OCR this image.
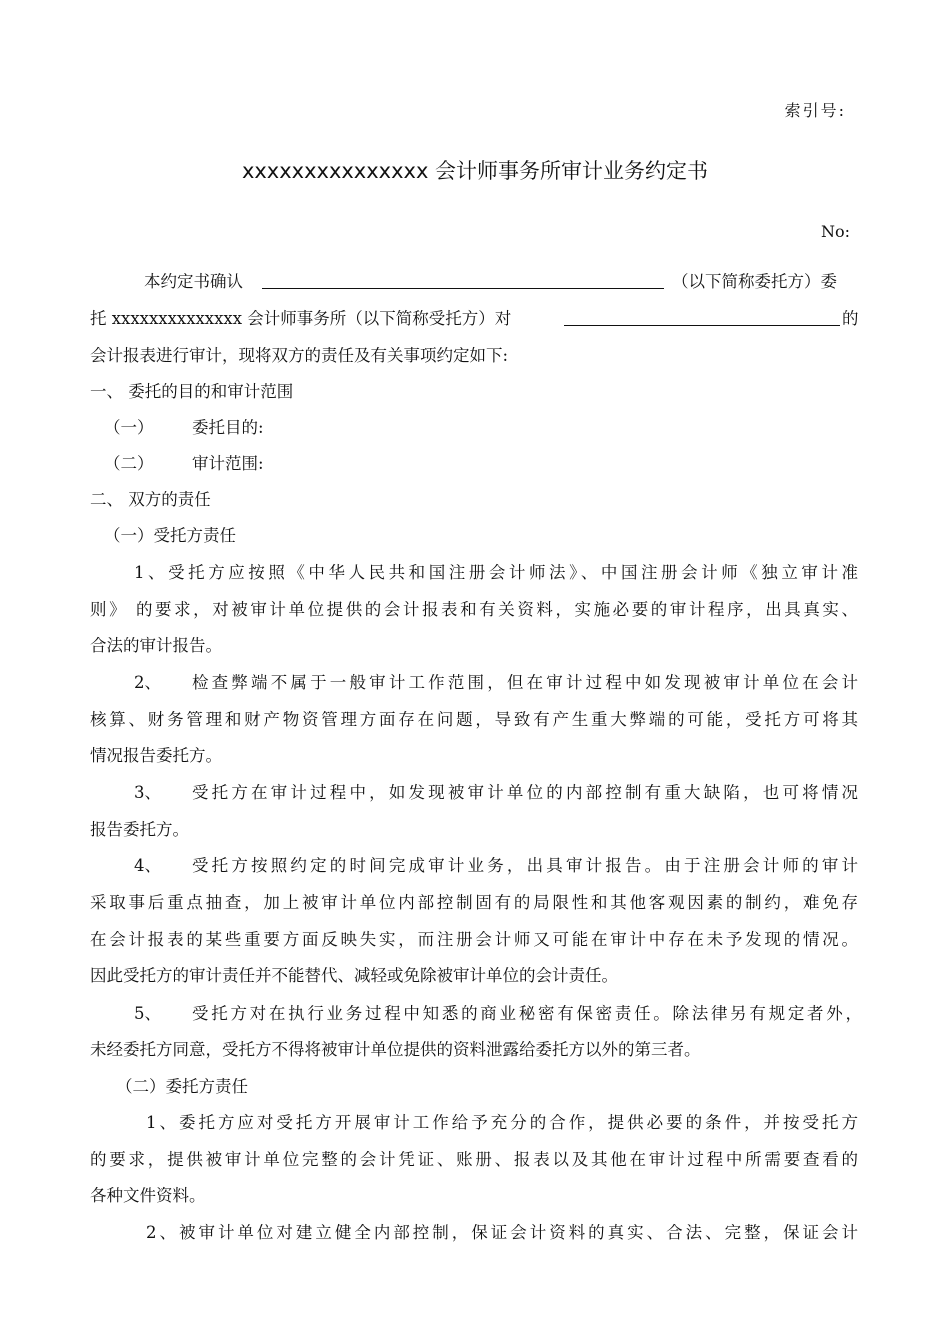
索引号:
xxxxxxxxxxxxxxx 会计师事务所审计业务约定书
No:
本约定书确认	（以下简称委托方）委
托 xxxxxxxxxxxxxx 会计师事务所（以下简称受托方）对	的
会计报表进行审计，现将双方的责任及有关事项约定如下:
一、 委托的目的和审计范围
（一） 委托目的:
（二） 审计范围:
二、 双方的责任
（一）受托方责任
1、受托方应按照《中华人民共和国注册会计师法》、中国注册会计师《独立审计准
则》 的要求，对被审计单位提供的会计报表和有关资料，实施必要的审计程序，出具真实、
合法的审计报告。
2、 检查弊端不属于一般审计工作范围，但在审计过程中如发现被审计单位在会计
核算、财务管理和财产物资管理方面存在问题，导致有产生重大弊端的可能，受托方可将其
情况报告委托方。
3、 受托方在审计过程中，如发现被审计单位的内部控制有重大缺陷，也可将情况
报告委托方。
4、 受托方按照约定的时间完成审计业务，出具审计报告。由于注册会计师的审计
采取事后重点抽查，加上被审计单位内部控制固有的局限性和其他客观因素的制约，难免存
在会计报表的某些重要方面反映失实，而注册会计师又可能在审计中存在未予发现的情况。
因此受托方的审计责任并不能替代、减轻或免除被审计单位的会计责任。
5、 受托方对在执行业务过程中知悉的商业秘密有保密责任。除法律另有规定者外，
未经委托方同意，受托方不得将被审计单位提供的资料泄露给委托方以外的第三者。
（二）委托方责任
1、委托方应对受托方开展审计工作给予充分的合作，提供必要的条件，并按受托方
的要求，提供被审计单位完整的会计凭证、账册、报表以及其他在审计过程中所需要查看的
各种文件资料。
2、被审计单位对建立健全内部控制，保证会计资料的真实、合法、完整，保证会计
